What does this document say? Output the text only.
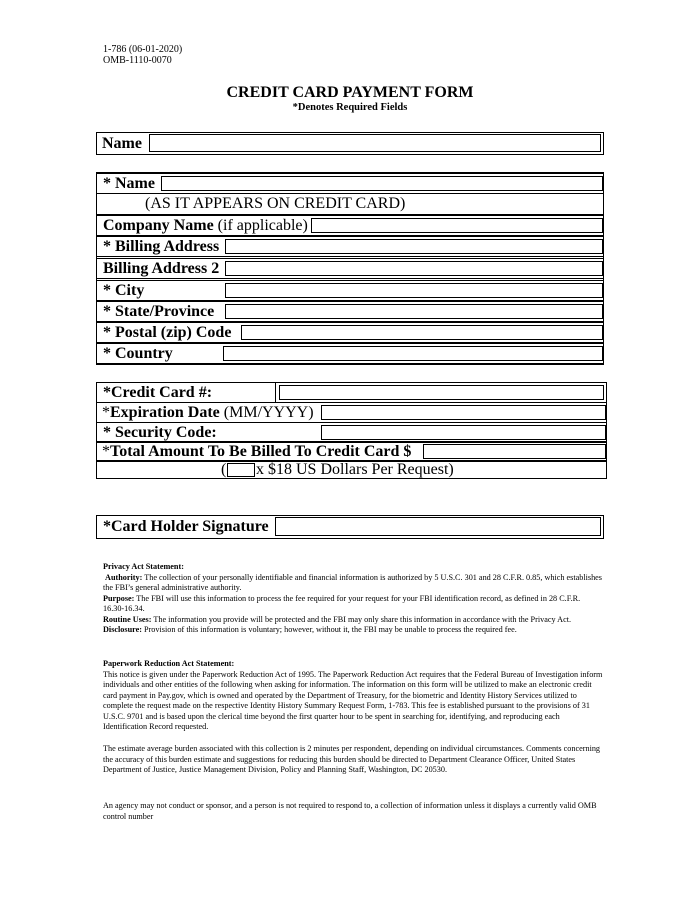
1-786 (06-01-2020)
OMB-1110-0070
CREDIT CARD PAYMENT FORM
*Denotes Required Fields
Name
* Name
(AS IT APPEARS ON CREDIT CARD)
Company Name (if applicable)
* Billing Address
Billing Address 2
* City
* State/Province
* Postal (zip) Code
* Country
*Credit Card #:
*Expiration Date (MM/YYYY)
* Security Code:
*Total Amount To Be Billed To Credit Card $
( x $18 US Dollars Per Request)
*Card Holder Signature
Privacy Act Statement:
Authority: The collection of your personally identifiable and financial information is authorized by 5 U.S.C. 301 and 28 C.F.R. 0.85, which establishes the FBI’s general administrative authority.
Purpose: The FBI will use this information to process the fee required for your request for your FBI identification record, as defined in 28 C.F.R. 16.30-16.34.
Routine Uses: The information you provide will be protected and the FBI may only share this information in accordance with the Privacy Act.
Disclosure: Provision of this information is voluntary; however, without it, the FBI may be unable to process the required fee.
Paperwork Reduction Act Statement:
This notice is given under the Paperwork Reduction Act of 1995. The Paperwork Reduction Act requires that the Federal Bureau of Investigation inform individuals and other entities of the following when asking for information. The information on this form will be utilized to make an electronic credit card payment in Pay.gov, which is owned and operated by the Department of Treasury, for the biometric and Identity History Services utilized to complete the request made on the respective Identity History Summary Request Form, 1-783. This fee is established pursuant to the provisions of 31 U.S.C. 9701 and is based upon the clerical time beyond the first quarter hour to be spent in searching for, identifying, and reproducing each Identification Record requested.
The estimate average burden associated with this collection is 2 minutes per respondent, depending on individual circumstances. Comments concerning the accuracy of this burden estimate and suggestions for reducing this burden should be directed to Department Clearance Officer, United States Department of Justice, Justice Management Division, Policy and Planning Staff, Washington, DC 20530.
An agency may not conduct or sponsor, and a person is not required to respond to, a collection of information unless it displays a currently valid OMB control number
